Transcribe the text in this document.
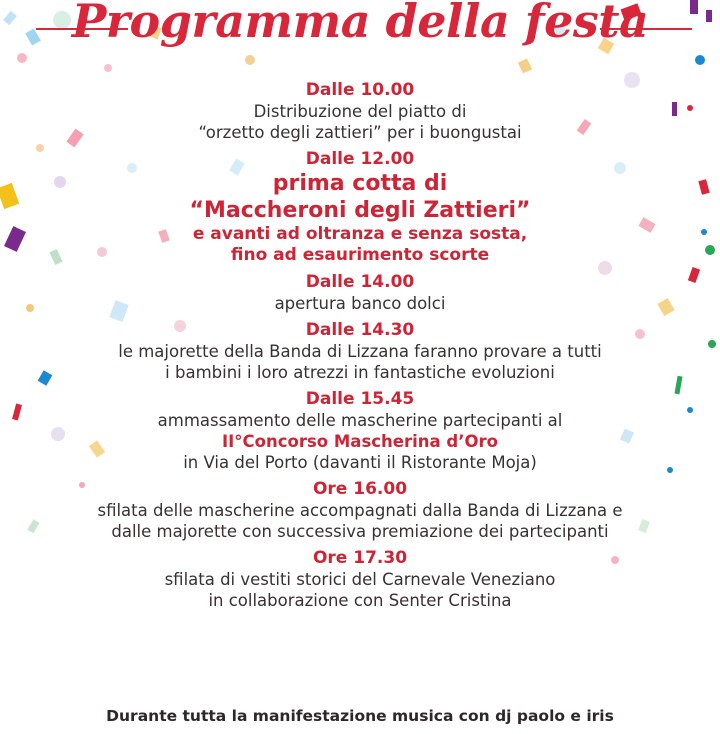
Programma della festa
Dalle 10.00
Distribuzione del piatto di
“orzetto degli zattieri” per i buongustai
Dalle 12.00
prima cotta di
“Maccheroni degli Zattieri”
e avanti ad oltranza e senza sosta,
fino ad esaurimento scorte
Dalle 14.00
apertura banco dolci
Dalle 14.30
le majorette della Banda di Lizzana faranno provare a tutti
i bambini i loro atrezzi in fantastiche evoluzioni
Dalle 15.45
ammassamento delle mascherine partecipanti al
II°Concorso Mascherina d’Oro
in Via del Porto (davanti il Ristorante Moja)
Ore 16.00
sfilata delle mascherine accompagnati dalla Banda di Lizzana e
dalle majorette con successiva premiazione dei partecipanti
Ore 17.30
sfilata di vestiti storici del Carnevale Veneziano
in collaborazione con Senter Cristina
Durante tutta la manifestazione musica con dj paolo e iris
